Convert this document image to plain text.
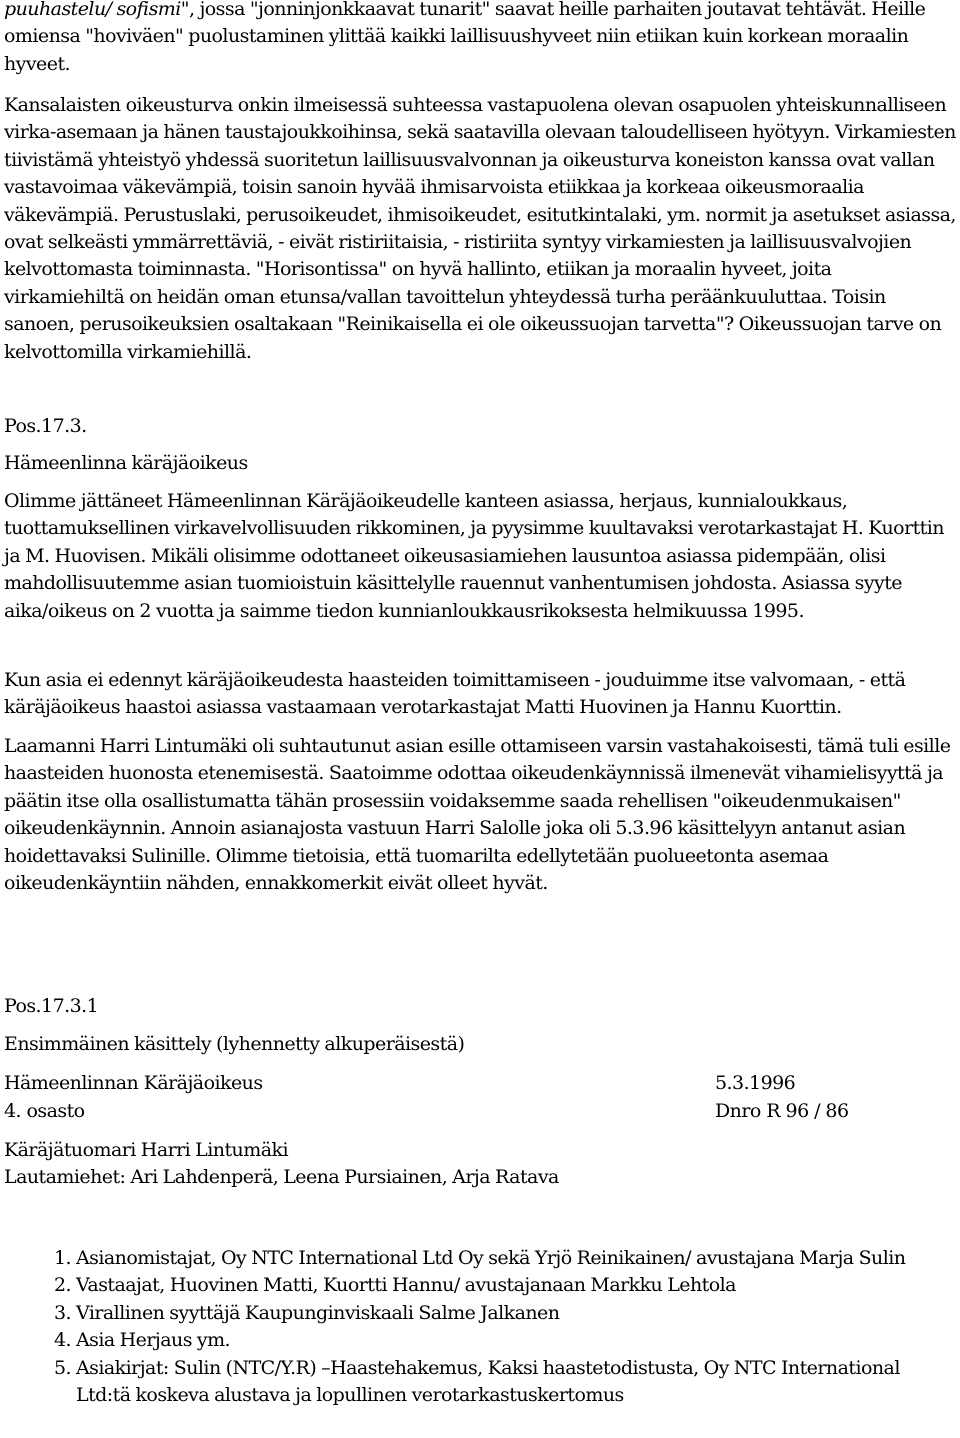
puuhastelu/ sofismi", jossa "jonninjonkkaavat tunarit" saavat heille parhaiten joutavat tehtävät. Heille omiensa "hoviväen" puolustaminen ylittää kaikki laillisuushyveet niin etiikan kuin korkean moraalin hyveet.

Kansalaisten oikeusturva onkin ilmeisessä suhteessa vastapuolena olevan osapuolen yhteiskunnalliseen virka-asemaan ja hänen taustajoukkoihinsa, sekä saatavilla olevaan taloudelliseen hyötyyn. Virkamiesten tiivistämä yhteistyö yhdessä suoritetun laillisuusvalvonnan ja oikeusturva koneiston kanssa ovat vallan vastavoimaa väkevämpiä, toisin sanoin hyvää ihmisarvoista etiikkaa ja korkeaa oikeusmoraalia väkevämpiä. Perustuslaki, perusoikeudet, ihmisoikeudet, esitutkintalaki, ym. normit ja asetukset asiassa, ovat selkeästi ymmärrettäviä, - eivät ristiriitaisia, - ristiriita syntyy virkamiesten ja laillisuusvalvojien kelvottomasta toiminnasta. "Horisontissa" on hyvä hallinto, etiikan ja moraalin hyveet, joita virkamiehiltä on heidän oman etunsa/vallan tavoittelun yhteydessä turha peräänkuuluttaa. Toisin sanoen, perusoikeuksien osaltakaan "Reinikaisella ei ole oikeussuojan tarvetta"? Oikeussuojan tarve on kelvottomilla virkamiehillä.

Pos.17.3.

Hämeenlinna käräjäoikeus

Olimme jättäneet Hämeenlinnan Käräjäoikeudelle kanteen asiassa, herjaus, kunnialoukkaus, tuottamuksellinen virkavelvollisuuden rikkominen, ja pyysimme kuultavaksi verotarkastajat H. Kuorttin ja M. Huovisen. Mikäli olisimme odottaneet oikeusasiamiehen lausuntoa asiassa pidempään, olisi mahdollisuutemme asian tuomioistuin käsittelylle rauennut vanhentumisen johdosta. Asiassa syyte aika/oikeus on 2 vuotta ja saimme tiedon kunnianloukkausrikoksesta helmikuussa 1995.

Kun asia ei edennyt käräjäoikeudesta haasteiden toimittamiseen - jouduimme itse valvomaan, - että käräjäoikeus haastoi asiassa vastaamaan verotarkastajat Matti Huovinen ja Hannu Kuorttin.

Laamanni Harri Lintumäki oli suhtautunut asian esille ottamiseen varsin vastahakoisesti, tämä tuli esille haasteiden huonosta etenemisestä. Saatoimme odottaa oikeudenkäynnissä ilmenevät vihamielisyyttä ja päätin itse olla osallistumatta tähän prosessiin voidaksemme saada rehellisen "oikeudenmukaisen" oikeudenkäynnin. Annoin asianajosta vastuun Harri Salolle joka oli 5.3.96 käsittelyyn antanut asian hoidettavaksi Sulinille. Olimme tietoisia, että tuomarilta edellytetään puolueetonta asemaa oikeudenkäyntiin nähden, ennakkomerkit eivät olleet hyvät.

Pos.17.3.1

Ensimmäinen käsittely (lyhennetty alkuperäisestä)

Hämeenlinnan Käräjäoikeus	5.3.1996
4. osasto	Dnro R 96 / 86

Käräjätuomari Harri Lintumäki

Lautamiehet: Ari Lahdenperä, Leena Pursiainen, Arja Ratava

1. Asianomistajat, Oy NTC International Ltd Oy sekä Yrjö Reinikainen/ avustajana Marja Sulin
2. Vastaajat, Huovinen Matti, Kuortti Hannu/ avustajanaan Markku Lehtola
3. Virallinen syyttäjä Kaupunginviskaali Salme Jalkanen
4. Asia Herjaus ym.
5. Asiakirjat: Sulin (NTC/Y.R) –Haastehakemus, Kaksi haastetodistusta, Oy NTC International Ltd:tä koskeva alustava ja lopullinen verotarkastuskertomus
